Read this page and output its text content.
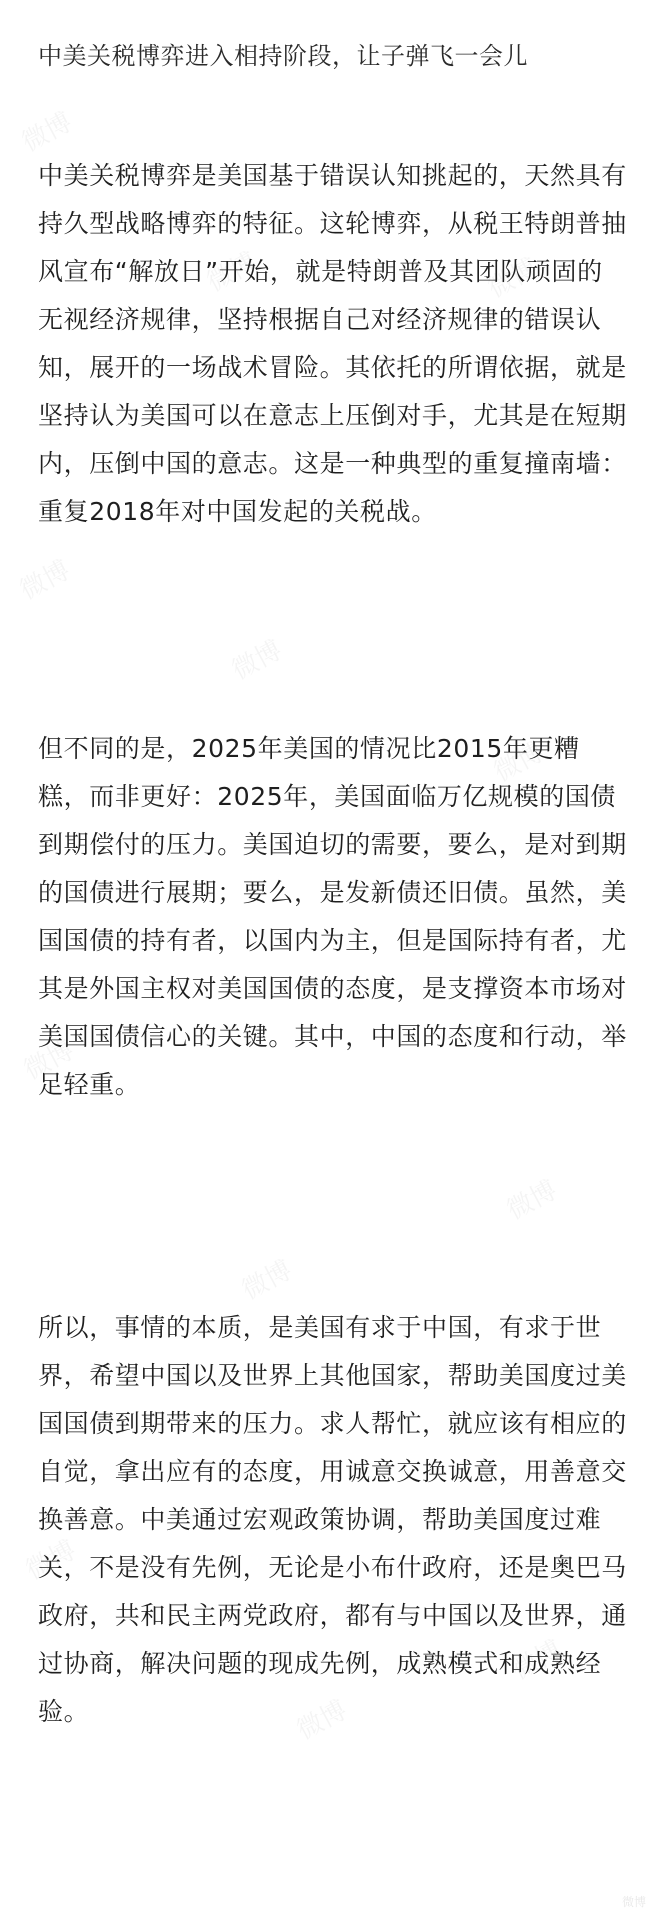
中美关税博弈进入相持阶段，让子弹飞一会儿
中美关税博弈是美国基于错误认知挑起的，天然具有持久型战略博弈的特征。这轮博弈，从税王特朗普抽风宣布“解放日”开始，就是特朗普及其团队顽固的无视经济规律，坚持根据自己对经济规律的错误认知，展开的一场战术冒险。其依托的所谓依据，就是坚持认为美国可以在意志上压倒对手，尤其是在短期内，压倒中国的意志。这是一种典型的重复撞南墙：重复2018年对中国发起的关税战。
但不同的是，2025年美国的情况比2015年更糟糕，而非更好：2025年，美国面临万亿规模的国债到期偿付的压力。美国迫切的需要，要么，是对到期的国债进行展期；要么，是发新债还旧债。虽然，美国国债的持有者，以国内为主，但是国际持有者，尤其是外国主权对美国国债的态度，是支撑资本市场对美国国债信心的关键。其中，中国的态度和行动，举足轻重。
所以，事情的本质，是美国有求于中国，有求于世界，希望中国以及世界上其他国家，帮助美国度过美国国债到期带来的压力。求人帮忙，就应该有相应的自觉，拿出应有的态度，用诚意交换诚意，用善意交换善意。中美通过宏观政策协调，帮助美国度过难关，不是没有先例，无论是小布什政府，还是奥巴马政府，共和民主两党政府，都有与中国以及世界，通过协商，解决问题的现成先例，成熟模式和成熟经验。
微博
